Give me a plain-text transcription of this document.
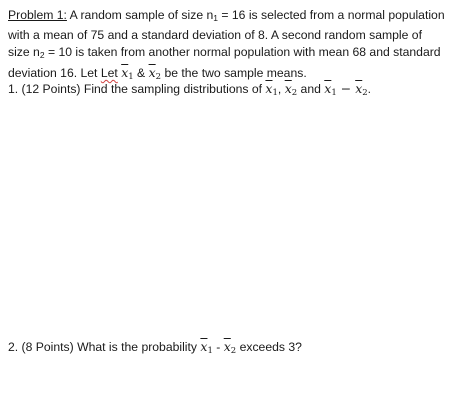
Problem 1: A random sample of size $n_1 = 16$ is selected from a normal population
with a mean of 75 and a standard deviation of 8. A second random sample of
size $n_2 = 10$ is taken from another normal population with mean 68 and standard
deviation 16. Let Let $\overline{x}_1$ & $\overline{x}_2$ be the two sample means.
1. (12 Points) Find the sampling distributions of $\overline{x}_1$, $\overline{x}_2$ and $\overline{x}_1 - \overline{x}_2$.
2. (8 Points) What is the probability $\overline{x}_1 - \overline{x}_2$ exceeds 3?
